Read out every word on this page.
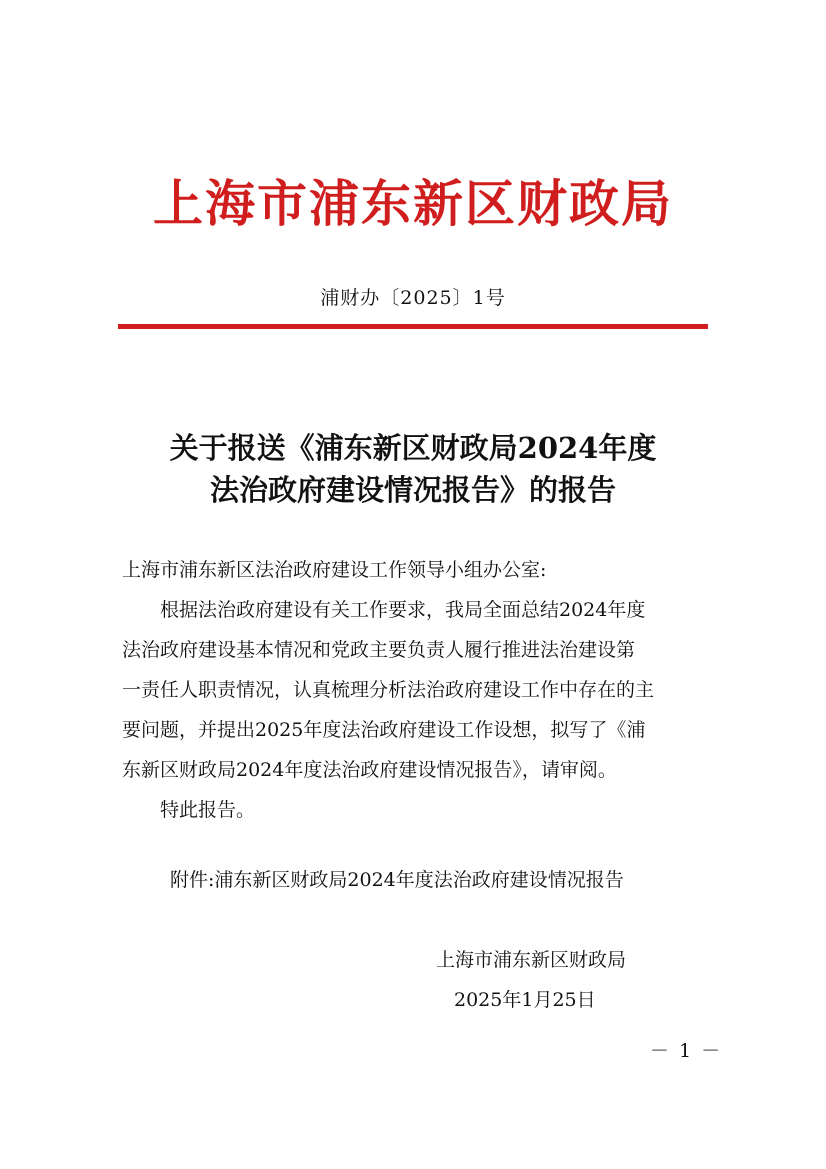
上海市浦东新区财政局
浦财办〔2025〕1号
关于报送《浦东新区财政局2024年度
法治政府建设情况报告》的报告
上海市浦东新区法治政府建设工作领导小组办公室:
根据法治政府建设有关工作要求，我局全面总结2024年度
法治政府建设基本情况和党政主要负责人履行推进法治建设第
一责任人职责情况，认真梳理分析法治政府建设工作中存在的主
要问题，并提出2025年度法治政府建设工作设想，拟写了《浦
东新区财政局2024年度法治政府建设情况报告》，请审阅。
特此报告。
附件:浦东新区财政局2024年度法治政府建设情况报告
上海市浦东新区财政局
2025年1月25日
－ 1 －
